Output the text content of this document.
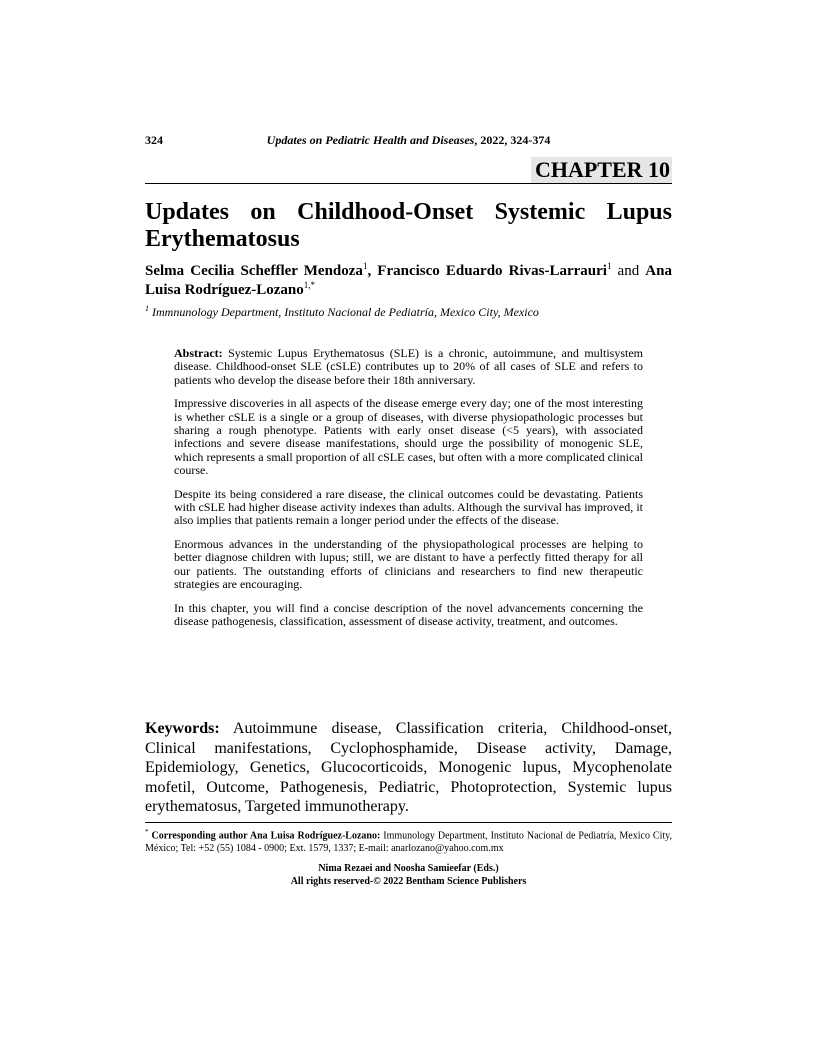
324	Updates on Pediatric Health and Diseases, 2022, 324-374
CHAPTER 10
Updates on Childhood-Onset Systemic Lupus Erythematosus
Selma Cecilia Scheffler Mendoza$^1$, Francisco Eduardo Rivas-Larrauri$^1$ and Ana Luisa Rodríguez-Lozano$^{1,*}$
$^1$ Immnunology Department, Instituto Nacional de Pediatría, Mexico City, Mexico

Abstract: Systemic Lupus Erythematosus (SLE) is a chronic, autoimmune, and multisystem disease. Childhood-onset SLE (cSLE) contributes up to 20% of all cases of SLE and refers to patients who develop the disease before their 18th anniversary.

Impressive discoveries in all aspects of the disease emerge every day; one of the most interesting is whether cSLE is a single or a group of diseases, with diverse physiopathologic processes but sharing a rough phenotype. Patients with early onset disease (<5 years), with associated infections and severe disease manifestations, should urge the possibility of monogenic SLE, which represents a small proportion of all cSLE cases, but often with a more complicated clinical course.

Despite its being considered a rare disease, the clinical outcomes could be devastating. Patients with cSLE had higher disease activity indexes than adults. Although the survival has improved, it also implies that patients remain a longer period under the effects of the disease.

Enormous advances in the understanding of the physiopathological processes are helping to better diagnose children with lupus; still, we are distant to have a perfectly fitted therapy for all our patients. The outstanding efforts of clinicians and researchers to find new therapeutic strategies are encouraging.

In this chapter, you will find a concise description of the novel advancements concerning the disease pathogenesis, classification, assessment of disease activity, treatment, and outcomes.

Keywords: Autoimmune disease, Classification criteria, Childhood-onset, Clinical manifestations, Cyclophosphamide, Disease activity, Damage, Epidemiology, Genetics, Glucocorticoids, Monogenic lupus, Mycophenolate mofetil, Outcome, Pathogenesis, Pediatric, Photoprotection, Systemic lupus erythematosus, Targeted immunotherapy.
* Corresponding author Ana Luisa Rodríguez-Lozano: Immunology Department, Instituto Nacional de Pediatría, Mexico City, México; Tel: +52 (55) 1084 - 0900; Ext. 1579, 1337; E-mail: anarlozano@yahoo.com.mx
Nima Rezaei and Noosha Samieefar (Eds.)
All rights reserved-© 2022 Bentham Science Publishers
